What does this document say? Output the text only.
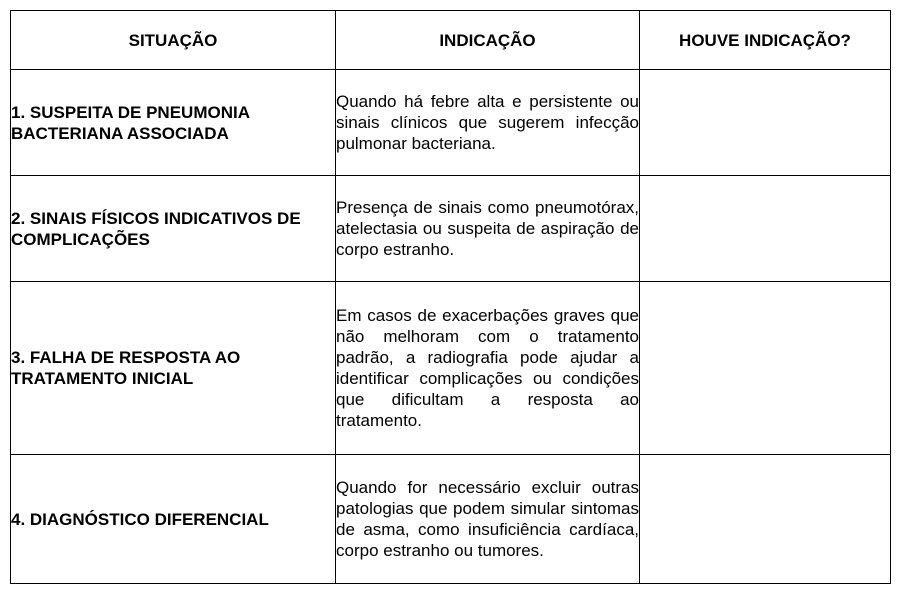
SITUAÇÃO	INDICAÇÃO	HOUVE INDICAÇÃO?
1. SUSPEITA DE PNEUMONIA BACTERIANA ASSOCIADA	Quando há febre alta e persistente ou sinais clínicos que sugerem infecção pulmonar bacteriana.	
2. SINAIS FÍSICOS INDICATIVOS DE COMPLICAÇÕES	Presença de sinais como pneumotórax, atelectasia ou suspeita de aspiração de corpo estranho.	
3. FALHA DE RESPOSTA AO TRATAMENTO INICIAL	Em casos de exacerbações graves que não melhoram com o tratamento padrão, a radiografia pode ajudar a identificar complicações ou condições que dificultam a resposta ao tratamento.	
4. DIAGNÓSTICO DIFERENCIAL	Quando for necessário excluir outras patologias que podem simular sintomas de asma, como insuficiência cardíaca, corpo estranho ou tumores.	
